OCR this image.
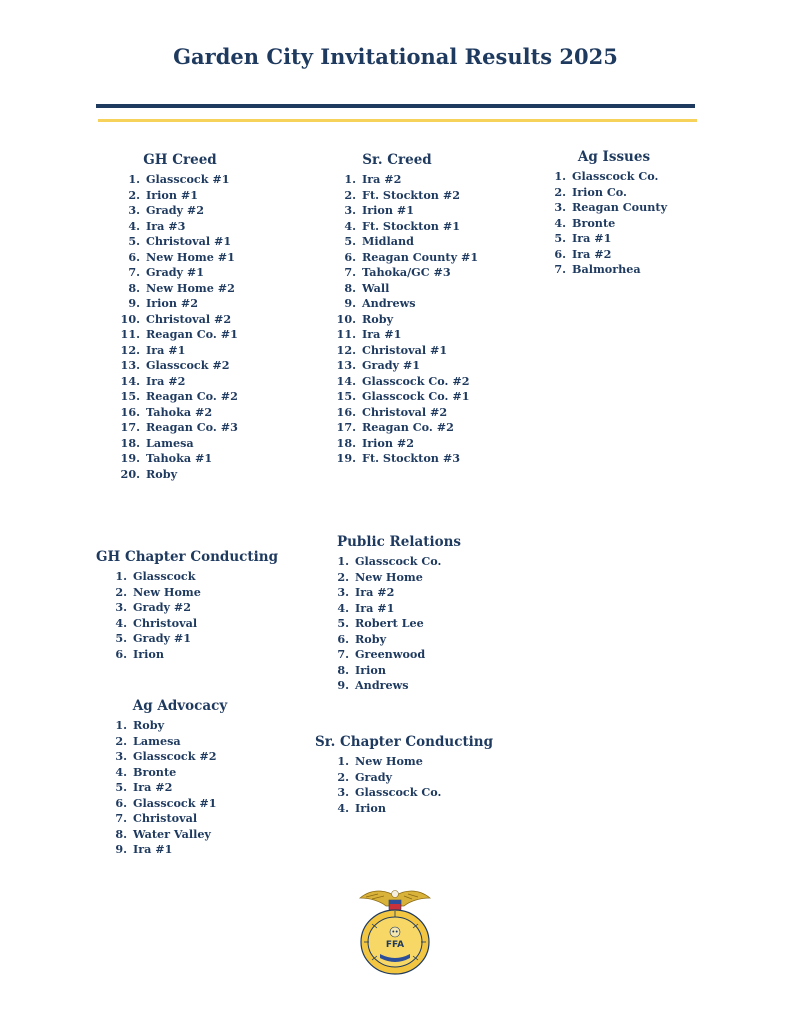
Garden City Invitational Results 2025
GH Creed
1. Glasscock #1
2. Irion #1
3. Grady #2
4. Ira #3
5. Christoval #1
6. New Home #1
7. Grady #1
8. New Home #2
9. Irion #2
10. Christoval #2
11. Reagan Co. #1
12. Ira #1
13. Glasscock #2
14. Ira #2
15. Reagan Co. #2
16. Tahoka #2
17. Reagan Co. #3
18. Lamesa
19. Tahoka #1
20. Roby
Sr. Creed
1. Ira #2
2. Ft. Stockton #2
3. Irion #1
4. Ft. Stockton #1
5. Midland
6. Reagan County #1
7. Tahoka/GC #3
8. Wall
9. Andrews
10. Roby
11. Ira #1
12. Christoval #1
13. Grady #1
14. Glasscock Co. #2
15. Glasscock Co. #1
16. Christoval #2
17. Reagan Co. #2
18. Irion #2
19. Ft. Stockton #3
Ag Issues
1. Glasscock Co.
2. Irion Co.
3. Reagan County
4. Bronte
5. Ira #1
6. Ira #2
7. Balmorhea
GH Chapter Conducting
1. Glasscock
2. New Home
3. Grady #2
4. Christoval
5. Grady #1
6. Irion
Public Relations
1. Glasscock Co.
2. New Home
3. Ira #2
4. Ira #1
5. Robert Lee
6. Roby
7. Greenwood
8. Irion
9. Andrews
Ag Advocacy
1. Roby
2. Lamesa
3. Glasscock #2
4. Bronte
5. Ira #2
6. Glasscock #1
7. Christoval
8. Water Valley
9. Ira #1
Sr. Chapter Conducting
1. New Home
2. Grady
3. Glasscock Co.
4. Irion
FFA
